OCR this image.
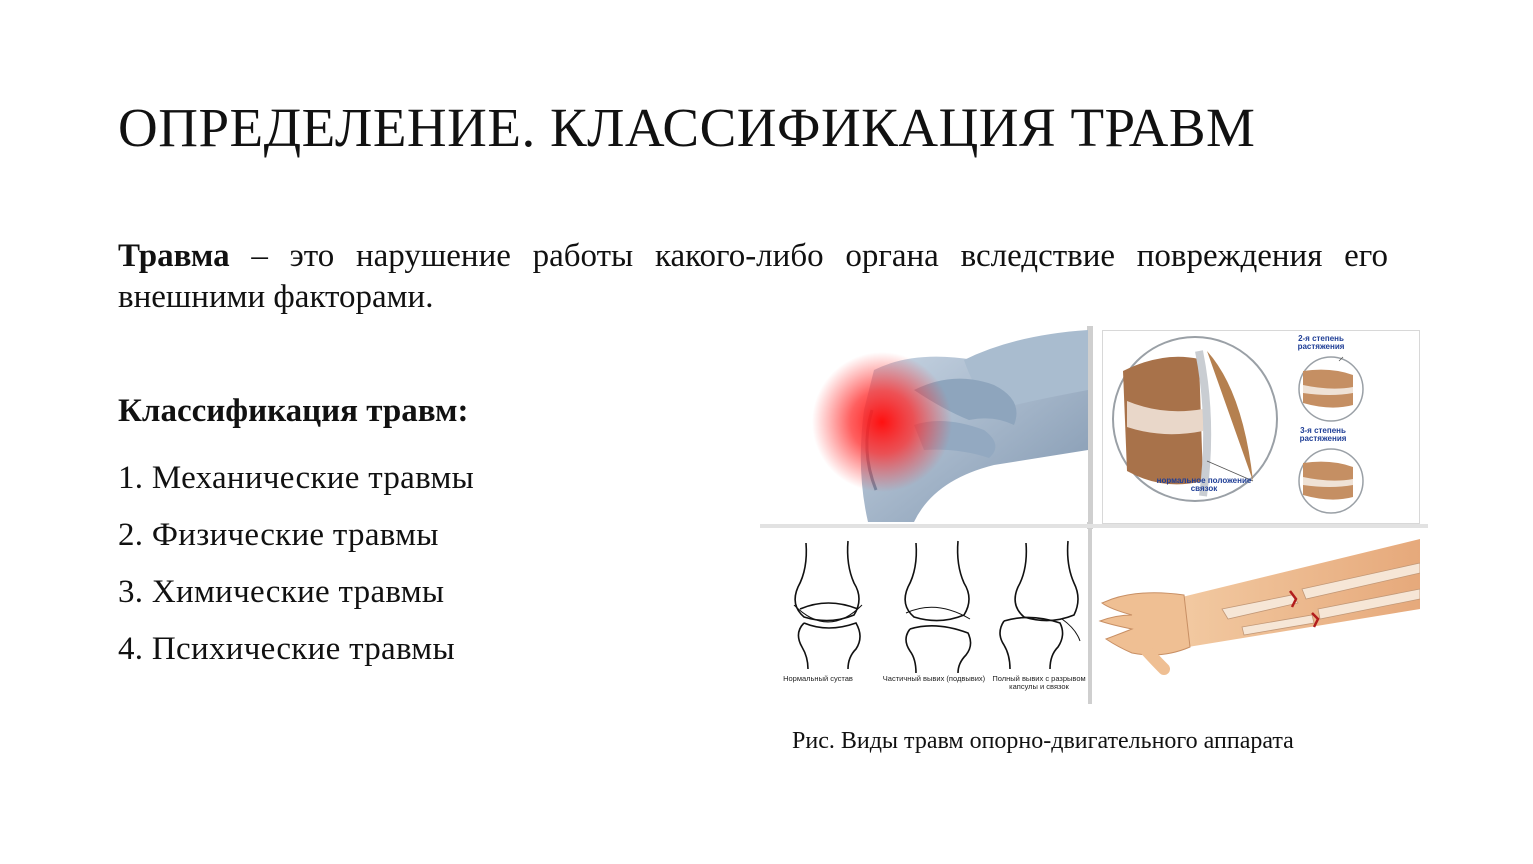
ОПРЕДЕЛЕНИЕ. КЛАССИФИКАЦИЯ ТРАВМ

Травма – это нарушение работы какого-либо органа вследствие повреждения его внешними факторами.

Классификация травм:

1. Механические травмы
2. Физические травмы
3. Химические травмы
4. Психические травмы
2-я степень растяжения
3-я степень растяжения
нормальное положение связок
Нормальный сустав	Частичный вывих (подвывих) Полный вывих с разрывом капсулы и связок

Рис. Виды травм опорно-двигательного аппарата
